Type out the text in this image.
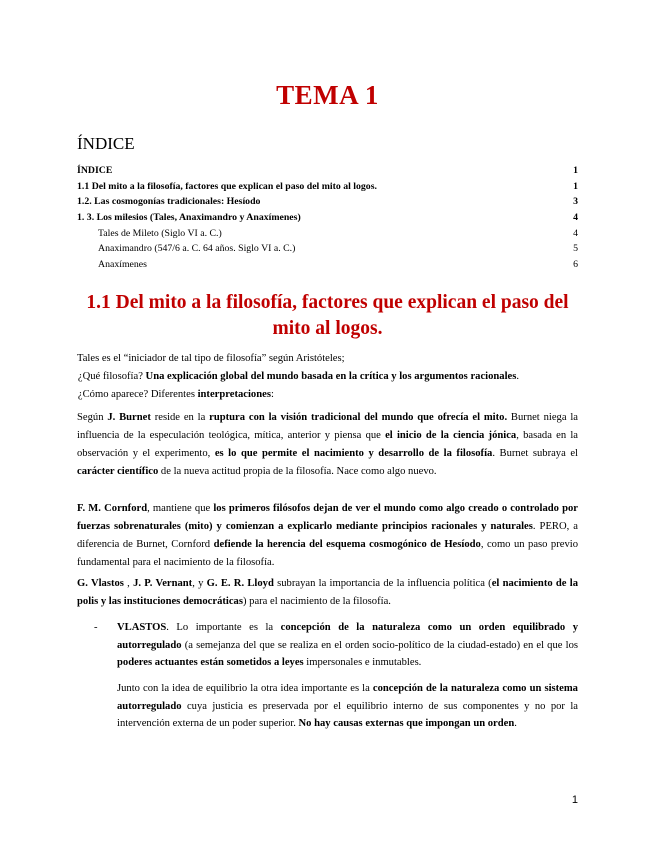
TEMA 1
ÍNDICE
ÍNDICE	1
1.1 Del mito a la filosofía, factores que explican el paso del mito al logos.	1
1.2. Las cosmogonías tradicionales: Hesíodo	3
1. 3. Los milesios (Tales, Anaximandro y Anaxímenes)	4
Tales de Mileto (Siglo VI a. C.)	4
Anaximandro (547/6 a. C. 64 años. Siglo VI a. C.)	5
Anaxímenes	6
1.1 Del mito a la filosofía, factores que explican el paso del mito al logos.
Tales es el “iniciador de tal tipo de filosofía” según Aristóteles;
 ¿Qué filosofía? Una explicación global del mundo basada en la crítica y los argumentos racionales.
 ¿Cómo aparece? Diferentes interpretaciones:
Según J. Burnet reside en la ruptura con la visión tradicional del mundo que ofrecía el mito. Burnet niega la influencia de la especulación teológica, mítica, anterior y piensa que el inicio de la ciencia jónica, basada en la observación y el experimento, es lo que permite el nacimiento y desarrollo de la filosofía. Burnet subraya el carácter científico de la nueva actitud propia de la filosofía. Nace como algo nuevo.
F. M. Cornford, mantiene que los primeros filósofos dejan de ver el mundo como algo creado o controlado por fuerzas sobrenaturales (mito) y comienzan a explicarlo mediante principios racionales y naturales. PERO, a diferencia de Burnet, Cornford defiende la herencia del esquema cosmogónico de Hesíodo, como un paso previo fundamental para el nacimiento de la filosofía.
G. Vlastos , J. P. Vernant, y G. E. R. Lloyd subrayan la importancia de la influencia política (el nacimiento de la polis y las instituciones democráticas) para el nacimiento de la filosofía.
- VLASTOS. Lo importante es la concepción de la naturaleza como un orden equilibrado y autorregulado (a semejanza del que se realiza en el orden socio-político de la ciudad-estado) en el que los poderes actuantes están sometidos a leyes impersonales e inmutables.
Junto con la idea de equilibrio la otra idea importante es la concepción de la naturaleza como un sistema autorregulado cuya justicia es preservada por el equilibrio interno de sus componentes y no por la intervención externa de un poder superior. No hay causas externas que impongan un orden.
1
